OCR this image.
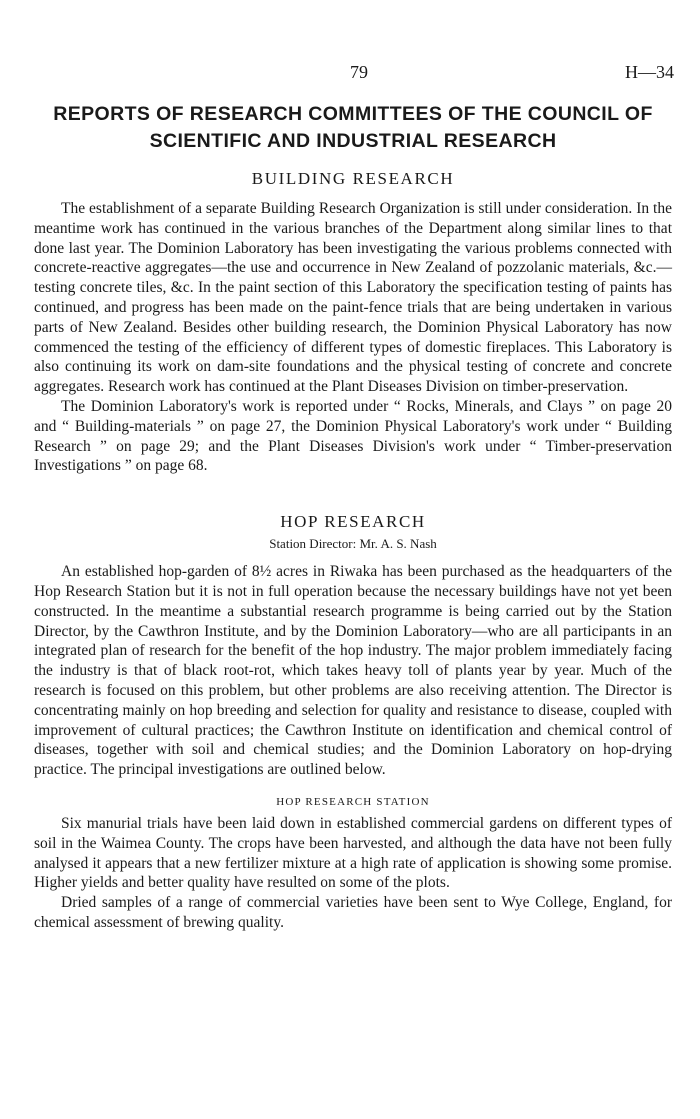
79	H—34
REPORTS OF RESEARCH COMMITTEES OF THE COUNCIL OF SCIENTIFIC AND INDUSTRIAL RESEARCH
BUILDING RESEARCH

The establishment of a separate Building Research Organization is still under consideration. In the meantime work has continued in the various branches of the Department along similar lines to that done last year. The Dominion Laboratory has been investigating the various problems connected with concrete-reactive aggregates—the use and occurrence in New Zealand of pozzolanic materials, &c.—testing concrete tiles, &c. In the paint section of this Laboratory the specification testing of paints has continued, and progress has been made on the paint-fence trials that are being undertaken in various parts of New Zealand. Besides other building research, the Dominion Physical Laboratory has now commenced the testing of the efficiency of different types of domestic fireplaces. This Laboratory is also continuing its work on dam-site foundations and the physical testing of concrete and concrete aggregates. Research work has continued at the Plant Diseases Division on timber-preservation.

The Dominion Laboratory's work is reported under “ Rocks, Minerals, and Clays ” on page 20 and “ Building-materials ” on page 27, the Dominion Physical Laboratory's work under “ Building Research ” on page 29; and the Plant Diseases Division's work under “ Timber-preservation Investigations ” on page 68.

HOP RESEARCH
Station Director: Mr. A. S. Nash

An established hop-garden of 8½ acres in Riwaka has been purchased as the headquarters of the Hop Research Station but it is not in full operation because the necessary buildings have not yet been constructed. In the meantime a substantial research programme is being carried out by the Station Director, by the Cawthron Institute, and by the Dominion Laboratory—who are all participants in an integrated plan of research for the benefit of the hop industry. The major problem immediately facing the industry is that of black root-rot, which takes heavy toll of plants year by year. Much of the research is focused on this problem, but other problems are also receiving attention. The Director is concentrating mainly on hop breeding and selection for quality and resistance to disease, coupled with improvement of cultural practices; the Cawthron Institute on identification and chemical control of diseases, together with soil and chemical studies; and the Dominion Laboratory on hop-drying practice. The principal investigations are outlined below.

HOP RESEARCH STATION

Six manurial trials have been laid down in established commercial gardens on different types of soil in the Waimea County. The crops have been harvested, and although the data have not been fully analysed it appears that a new fertilizer mixture at a high rate of application is showing some promise. Higher yields and better quality have resulted on some of the plots.

Dried samples of a range of commercial varieties have been sent to Wye College, England, for chemical assessment of brewing quality.
